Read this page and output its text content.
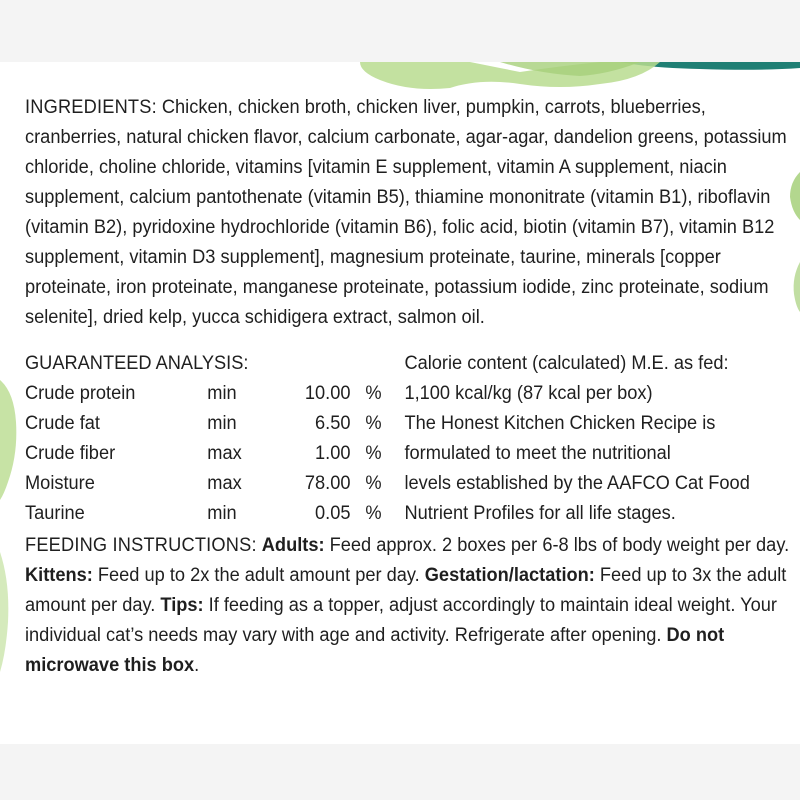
INGREDIENTS: Chicken, chicken broth, chicken liver, pumpkin, carrots, blueberries, cranberries, natural chicken flavor, calcium carbonate, agar-agar, dandelion greens, potassium chloride, choline chloride, vitamins [vitamin E supplement, vitamin A supplement, niacin supplement, calcium pantothenate (vitamin B5), thiamine mononitrate (vitamin B1), riboflavin (vitamin B2), pyridoxine hydrochloride (vitamin B6), folic acid, biotin (vitamin B7), vitamin B12 supplement, vitamin D3 supplement], magnesium proteinate, taurine, minerals [copper proteinate, iron proteinate, manganese proteinate, potassium iodide, zinc proteinate, sodium selenite], dried kelp, yucca schidigera extract, salmon oil.

GUARANTEED ANALYSIS:
Crude protein	min	10.00 %
Crude fat	min	6.50 %
Crude fiber	max	1.00 %
Moisture	max	78.00 %
Taurine	min	0.05 %
Calorie content (calculated) M.E. as fed:
1,100 kcal/kg (87 kcal per box)
The Honest Kitchen Chicken Recipe is
formulated to meet the nutritional
levels established by the AAFCO Cat Food
Nutrient Profiles for all life stages.

FEEDING INSTRUCTIONS: Adults: Feed approx. 2 boxes per 6-8 lbs of body weight per day. Kittens: Feed up to 2x the adult amount per day. Gestation/lactation: Feed up to 3x the adult amount per day. Tips: If feeding as a topper, adjust accordingly to maintain ideal weight. Your individual cat’s needs may vary with age and activity. Refrigerate after opening. Do not microwave this box.
